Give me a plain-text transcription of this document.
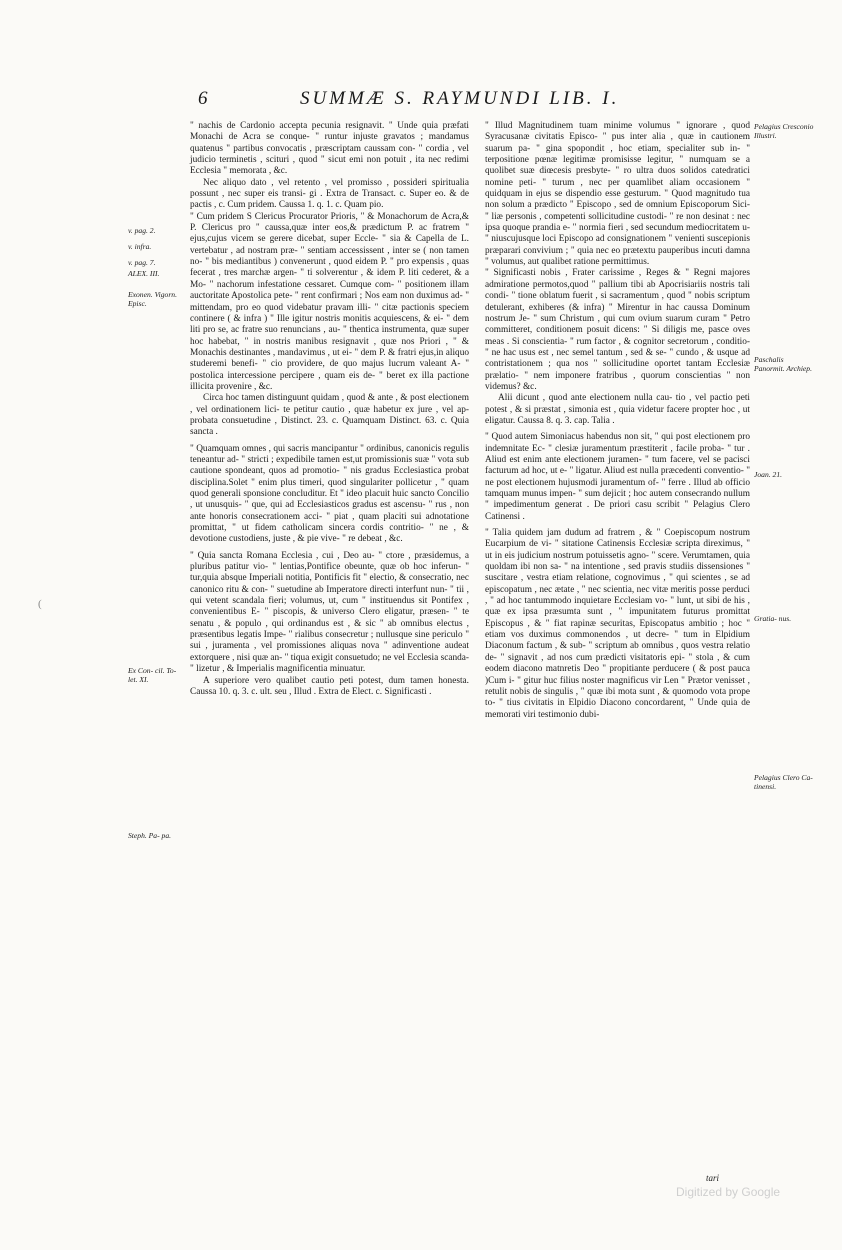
6	SUMMÆ S. RAYMUNDI LIB. I.

" nachis de Cardonio accepta pecunia resignavit. " Unde quia præfati Monachi de Acra se conque- " runtur injuste gravatos ; mandamus quatenus " partibus convocatis , præscriptam caussam con- " cordia , vel judicio terminetis , scituri , quod " sicut emi non potuit , ita nec redimi Ecclesia " memorata , &c.

Nec aliquo dato , vel retento , vel promisso , possideri spiritualia possunt , nec super eis transi- gi . Extra de Transact. c. Super eo. & de pactis , c. Cum pridem. Caussa 1. q. 1. c. Quam pio.

" Cum pridem S Clericus Procurator Prioris, " & Monachorum de Acra,& P. Clericus pro " caussa,quæ inter eos,& prædictum P. ac fratrem " ejus,cujus vicem se gerere dicebat, super Eccle- " sia & Capella de L. vertebatur , ad nostram præ- " sentiam accessissent , inter se ( non tamen no- " bis mediantibus ) convenerunt , quod eidem P. " pro expensis , quas fecerat , tres marchæ argen- " ti solverentur , & idem P. liti cederet, & a Mo- " nachorum infestatione cessaret. Cumque com- " positionem illam auctoritate Apostolica pete- " rent confirmari ; Nos eam non duximus ad- " mittendam, pro eo quod videbatur pravam illi- " citæ pactionis speciem continere ( & infra ) " Ille igitur nostris monitis acquiescens, & ei- " dem liti pro se, ac fratre suo renuncians , au- " thentica instrumenta, quæ super hoc habebat, " in nostris manibus resignavit , quæ nos Priori , " & Monachis destinantes , mandavimus , ut ei- " dem P. & fratri ejus,in aliquo studeremi benefi- " cio providere, de quo majus lucrum valeant A- " postolica intercessione percipere , quam eis de- " beret ex illa pactione illicita provenire , &c.

Circa hoc tamen distinguunt quidam , quod & ante , & post electionem , vel ordinationem lici- te petitur cautio , quæ habetur ex jure , vel ap- probata consuetudine , Distinct. 23. c. Quamquam Distinct. 63. c. Quia sancta .

" Quamquam omnes , qui sacris mancipantur " ordinibus, canonicis regulis teneantur ad- " stricti ; expedibile tamen est,ut promissionis suæ " vota sub cautione spondeant, quos ad promotio- " nis gradus Ecclesiastica probat disciplina.Solet " enim plus timeri, quod singulariter pollicetur , " quam quod generali sponsione concluditur. Et " ideo placuit huic sancto Concilio , ut unusquis- " que, qui ad Ecclesiasticos gradus est ascensu- " rus , non ante honoris consecrationem acci- " piat , quam placiti sui adnotatione promittat, " ut fidem catholicam sincera cordis contritio- " ne , & devotione custodiens, juste , & pie vive- " re debeat , &c.

" Quia sancta Romana Ecclesia , cui , Deo au- " ctore , præsidemus, a pluribus patitur vio- " lentias,Pontifice obeunte, quæ ob hoc inferun- " tur,quia absque Imperiali notitia, Pontificis fit " electio, & consecratio, nec canonico ritu & con- " suetudine ab Imperatore directi interfunt nun- " tii , qui vetent scandala fieri; volumus, ut, cum " instituendus sit Pontifex , convenientibus E- " piscopis, & universo Clero eligatur, præsen- " te senatu , & populo , qui ordinandus est , & sic " ab omnibus electus , præsentibus legatis Impe- " rialibus consecretur ; nullusque sine periculo " sui , juramenta , vel promissiones aliquas nova " adinventione audeat extorquere , nisi quæ an- " tiqua exigit consuetudo; ne vel Ecclesia scanda- " lizetur , & Imperialis magnificentia minuatur.

A superiore vero qualibet cautio peti potest, dum tamen honesta. Caussa 10. q. 3. c. ult. seu , Illud . Extra de Elect. c. Significasti .

" Illud Magnitudinem tuam minime volumus " ignorare , quod Syracusanæ civitatis Episco- " pus inter alia , quæ in cautionem suarum pa- " gina spopondit , hoc etiam, specialiter sub in- " terpositione pœnæ legitimæ promisisse legitur, " numquam se a quolibet suæ diœcesis presbyte- " ro ultra duos solidos catedratici nomine peti- " turum , nec per quamlibet aliam occasionem " quidquam in ejus se dispendio esse gesturum. " Quod magnitudo tua non solum a prædicto " Episcopo , sed de omnium Episcoporum Sici- " liæ personis , competenti sollicitudine custodi- " re non desinat : nec ipsa quoque prandia e- " normia fieri , sed secundum mediocritatem u- " niuscujusque loci Episcopo ad consignationem " venienti suscepionis præparari convivium ; " quia nec eo prætextu pauperibus incuti damna " volumus, aut qualibet ratione permittimus.

" Significasti nobis , Frater carissime , Reges & " Regni majores admiratione permotos,quod " pallium tibi ab Apocrisiariis nostris tali condi- " tione oblatum fuerit , si sacramentum , quod " nobis scriptum detulerant, exhiberes (& infra) " Mirentur in hac caussa Dominum nostrum Je- " sum Christum , qui cum ovium suarum curam " Petro committeret, conditionem posuit dicens: " Si diligis me, pasce oves meas . Si conscientia- " rum factor , & cognitor secretorum , conditio- " ne hac usus est , nec semel tantum , sed & se- " cundo , & usque ad contristationem ; qua nos " sollicitudine oportet tantam Ecclesiæ prælatio- " nem imponere fratribus , quorum conscientias " non videmus? &c.

Alii dicunt , quod ante electionem nulla cau- tio , vel pactio peti potest , & si præstat , simonia est , quia videtur facere propter hoc , ut eligatur. Caussa 8. q. 3. cap. Talia .

" Quod autem Simoniacus habendus non sit, " qui post electionem pro indemnitate Ec- " clesiæ juramentum præstiterit , facile proba- " tur . Aliud est enim ante electionem juramen- " tum facere, vel se pacisci facturum ad hoc, ut e- " ligatur. Aliud est nulla præcedenti conventio- " ne post electionem hujusmodi juramentum of- " ferre . Illud ab officio tamquam munus impen- " sum dejicit ; hoc autem consecrando nullum " impedimentum generat . De priori casu scribit " Pelagius Clero Catinensi .

" Talia quidem jam dudum ad fratrem , & " Coepiscopum nostrum Eucarpium de vi- " sitatione Catinensis Ecclesiæ scripta direximus, " ut in eis judicium nostrum potuissetis agno- " scere. Verumtamen, quia quoldam ibi non sa- " na intentione , sed pravis studiis dissensiones " suscitare , vestra etiam relatione, cognovimus , " qui scientes , se ad episcopatum , nec ætate , " nec scientia, nec vitæ meritis posse perduci , " ad hoc tantummodo inquietare Ecclesiam vo- " lunt, ut sibi de his , quæ ex ipsa præsumta sunt , " impunitatem futurus promittat Episcopus , & " fiat rapinæ securitas, Episcopatus ambitio ; hoc " etiam vos duximus commonendos , ut decre- " tum in Elpidium Diaconum factum , & sub- " scriptum ab omnibus , quos vestra relatio de- " signavit , ad nos cum prædicti visitatoris epi- " stola , & cum eodem diacono matnretis Deo " propitiante perducere ( & post pauca )Cum i- " gitur huc filius noster magnificus vir Len " Prætor venisset , retulit nobis de singulis , " quæ ibi mota sunt , & quomodo vota prope to- " tius civitatis in Elpidio Diacono concordarent, " Unde quia de memorati viri testimonio dubi-

v. pag. 2.
v. infra.
v. pag. 7.
ALEX. III.
Exonen. Vigorn. Episc.
Ex Con- cil. To- let. XI.
Steph. Pa- pa.
Pelagius Cresconio Illustri.
Paschalis Panormit. Archiep.
Joan. 21.
Gratia- nus.
Pelagius Clero Ca- tinensi.
tari
Digitized by Google
(
